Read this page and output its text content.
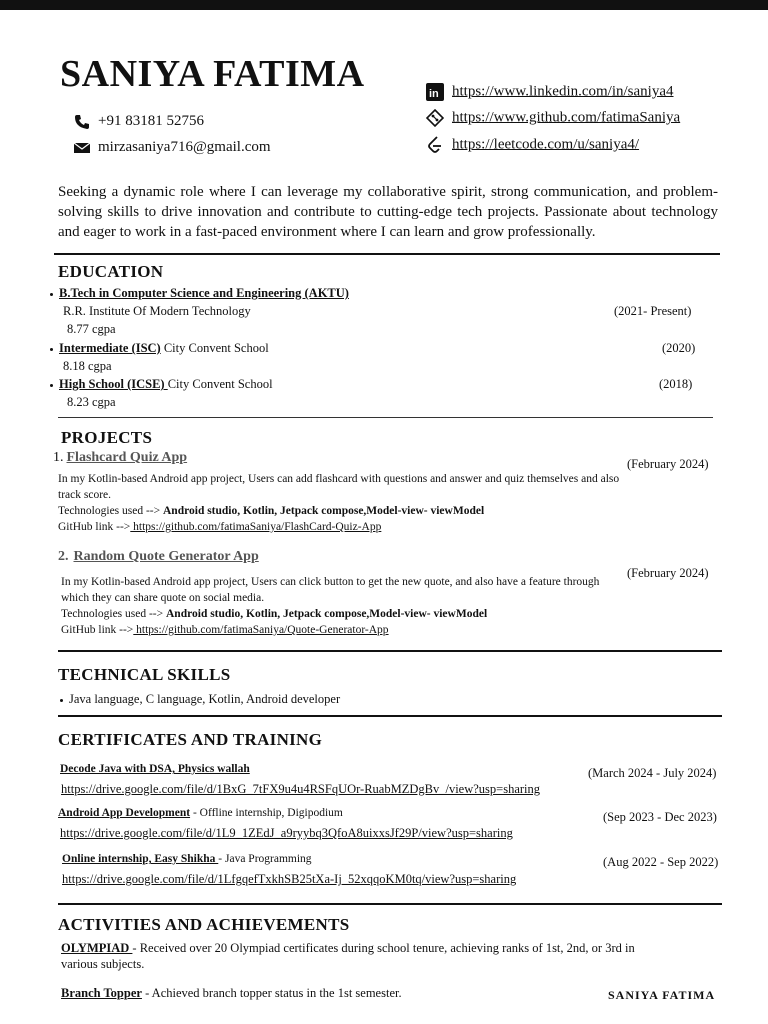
SANIYA FATIMA
+91 83181 52756
mirzasaniya716@gmail.com
in https://www.linkedin.com/in/saniya4
https://www.github.com/fatimaSaniya
https://leetcode.com/u/saniya4/
Seeking a dynamic role where I can leverage my collaborative spirit, strong communication, and problem-solving skills to drive innovation and contribute to cutting-edge tech projects. Passionate about technology and eager to work in a fast-paced environment where I can learn and grow professionally.
EDUCATION
B.Tech in Computer Science and Engineering (AKTU)
R.R. Institute Of Modern Technology	(2021- Present)
8.77 cgpa
Intermediate (ISC) City Convent School	(2020)
8.18 cgpa
High School (ICSE) City Convent School	(2018)
8.23 cgpa
PROJECTS
1. Flashcard Quiz App	(February 2024)
In my Kotlin-based Android app project, Users can add flashcard with questions and answer and quiz themselves and also
track score.
Technologies used --> Android studio, Kotlin, Jetpack compose,Model-view- viewModel
GitHub link --> https://github.com/fatimaSaniya/FlashCard-Quiz-App
2. Random Quote Generator App
(February 2024)
In my Kotlin-based Android app project, Users can click button to get the new quote, and also have a feature through
which they can share quote on social media.
Technologies used --> Android studio, Kotlin, Jetpack compose,Model-view- viewModel
GitHub link --> https://github.com/fatimaSaniya/Quote-Generator-App
TECHNICAL SKILLS
Java language, C language, Kotlin, Android developer
CERTIFICATES AND TRAINING
Decode Java with DSA, Physics wallah	(March 2024 - July 2024)
https://drive.google.com/file/d/1BxG_7tFX9u4u4RSFqUOr-RuabMZDgBv_/view?usp=sharing
Android App Development - Offline internship, Digipodium	(Sep 2023 - Dec 2023)
https://drive.google.com/file/d/1L9_1ZEdJ_a9ryybq3QfoA8uixxsJf29P/view?usp=sharing
Online internship, Easy Shikha - Java Programming	(Aug 2022 - Sep 2022)
https://drive.google.com/file/d/1LfgqefTxkhSB25tXa-Ij_52xqqoKM0tq/view?usp=sharing
ACTIVITIES AND ACHIEVEMENTS
OLYMPIAD - Received over 20 Olympiad certificates during school tenure, achieving ranks of 1st, 2nd, or 3rd in
various subjects.
Branch Topper - Achieved branch topper status in the 1st semester.	SANIYA FATIMA
